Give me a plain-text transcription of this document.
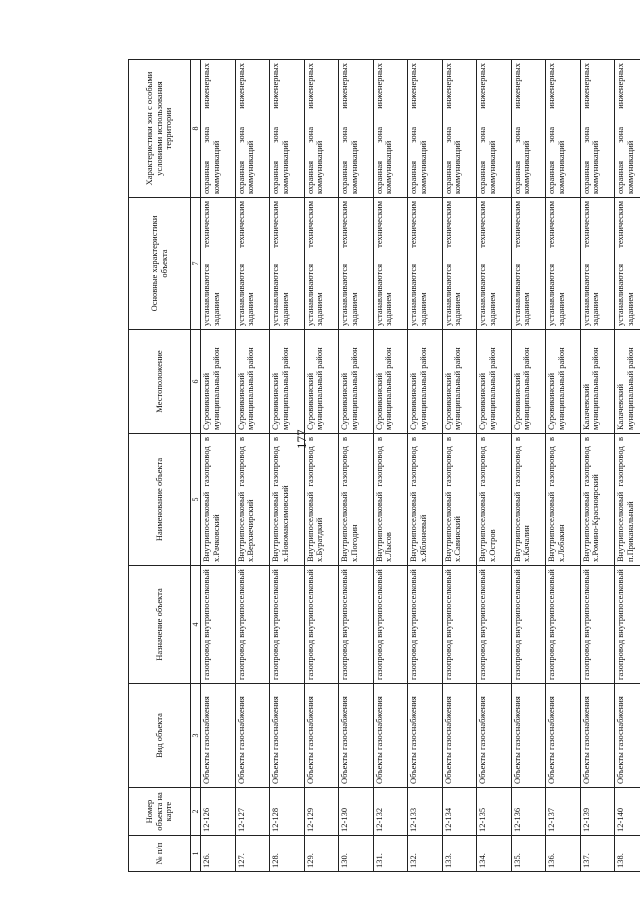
177
№ п/п	Номер объекта на карте	Вид объекта	Назначение объекта	Наименование объекта	Местоположение	Основные характеристики объекта	Характеристики зон с особыми условиями использования территории
1	2	3	4	5	6	7	8
126.	12-126	Объекты газоснабжения	газопровод внутрипоселковый	Внутрипоселковый газопровод в х.Рачковский	Суровикинский муниципальный район	устанавливаются техническим заданием	охранная зона инженерных коммуникаций
127.	12-127	Объекты газоснабжения	газопровод внутрипоселковый	Внутрипоселковый газопровод в х.Верхнечирский	Суровикинский муниципальный район	устанавливаются техническим заданием	охранная зона инженерных коммуникаций
128.	12-128	Объекты газоснабжения	газопровод внутрипоселковый	Внутрипоселковый газопровод в х.Новомаксимовский	Суровикинский муниципальный район	устанавливаются техническим заданием	охранная зона инженерных коммуникаций
129.	12-129	Объекты газоснабжения	газопровод внутрипоселковый	Внутрипоселковый газопровод в х.Буратдкий	Суровикинский муниципальный район	устанавливаются техническим заданием	охранная зона инженерных коммуникаций
130.	12-130	Объекты газоснабжения	газопровод внутрипоселковый	Внутрипоселковый газопровод в х.Погодин	Суровикинский муниципальный район	устанавливаются техническим заданием	охранная зона инженерных коммуникаций
131.	12-132	Объекты газоснабжения	газопровод внутрипоселковый	Внутрипоселковый газопровод в х.Лысов	Суровикинский муниципальный район	устанавливаются техническим заданием	охранная зона инженерных коммуникаций
132.	12-133	Объекты газоснабжения	газопровод внутрипоселковый	Внутрипоселковый газопровод в х.Яблоневый	Суровикинский муниципальный район	устанавливаются техническим заданием	охранная зона инженерных коммуникаций
133.	12-134	Объекты газоснабжения	газопровод внутрипоселковый	Внутрипоселковый газопровод в х.Савинский	Суровикинский муниципальный район	устанавливаются техническим заданием	охранная зона инженерных коммуникаций
134.	12-135	Объекты газоснабжения	газопровод внутрипоселковый	Внутрипоселковый газопровод в х.Остров	Суровикинский муниципальный район	устанавливаются техническим заданием	охранная зона инженерных коммуникаций
135.	12-136	Объекты газоснабжения	газопровод внутрипоселковый	Внутрипоселковый газопровод в х.Качалин	Суровикинский муниципальный район	устанавливаются техническим заданием	охранная зона инженерных коммуникаций
136.	12-137	Объекты газоснабжения	газопровод внутрипоселковый	Внутрипоселковый газопровод в х.Лобакин	Суровикинский муниципальный район	устанавливаются техническим заданием	охранная зона инженерных коммуникаций
137.	12-139	Объекты газоснабжения	газопровод внутрипоселковый	Внутрипоселковый газопровод в х.Ромино-Красноярский	Калачевский муниципальный район	устанавливаются техническим заданием	охранная зона инженерных коммуникаций
138.	12-140	Объекты газоснабжения	газопровод внутрипоселковый	Внутрипоселковый газопровод в п.Приканальный	Калачевский муниципальный район	устанавливаются техническим заданием	охранная зона инженерных коммуникаций
